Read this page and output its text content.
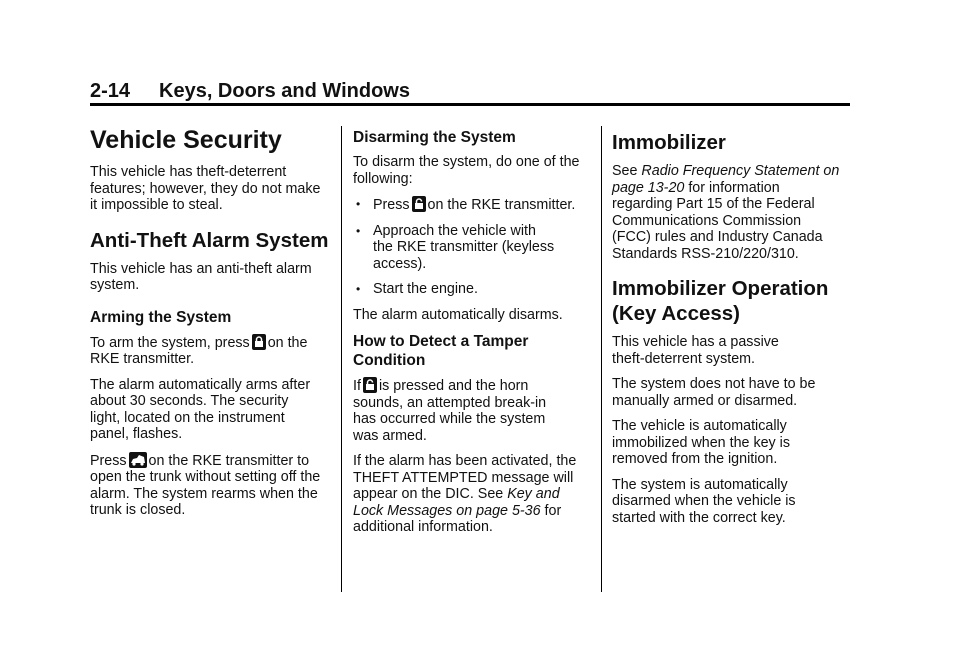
2-14 Keys, Doors and Windows
Vehicle Security

This vehicle has theft-deterrent
features; however, they do not make
it impossible to steal.

Anti-Theft Alarm System

This vehicle has an anti-theft alarm
system.

Arming the System

To arm the system, press on the
RKE transmitter.

The alarm automatically arms after
about 30 seconds. The security
light, located on the instrument
panel, flashes.

Press on the RKE transmitter to
open the trunk without setting off the
alarm. The system rearms when the
trunk is closed.

Disarming the System

To disarm the system, do one of the
following:

• Press on the RKE transmitter.
• Approach the vehicle with
the RKE transmitter (keyless
access).
• Start the engine.

The alarm automatically disarms.

How to Detect a Tamper
Condition

If is pressed and the horn
sounds, an attempted break-in
has occurred while the system
was armed.

If the alarm has been activated, the
THEFT ATTEMPTED message will
appear on the DIC. See Key and
Lock Messages on page 5-36 for
additional information.

Immobilizer

See Radio Frequency Statement on
page 13-20 for information
regarding Part 15 of the Federal
Communications Commission
(FCC) rules and Industry Canada
Standards RSS-210/220/310.

Immobilizer Operation
(Key Access)

This vehicle has a passive
theft-deterrent system.

The system does not have to be
manually armed or disarmed.

The vehicle is automatically
immobilized when the key is
removed from the ignition.

The system is automatically
disarmed when the vehicle is
started with the correct key.
